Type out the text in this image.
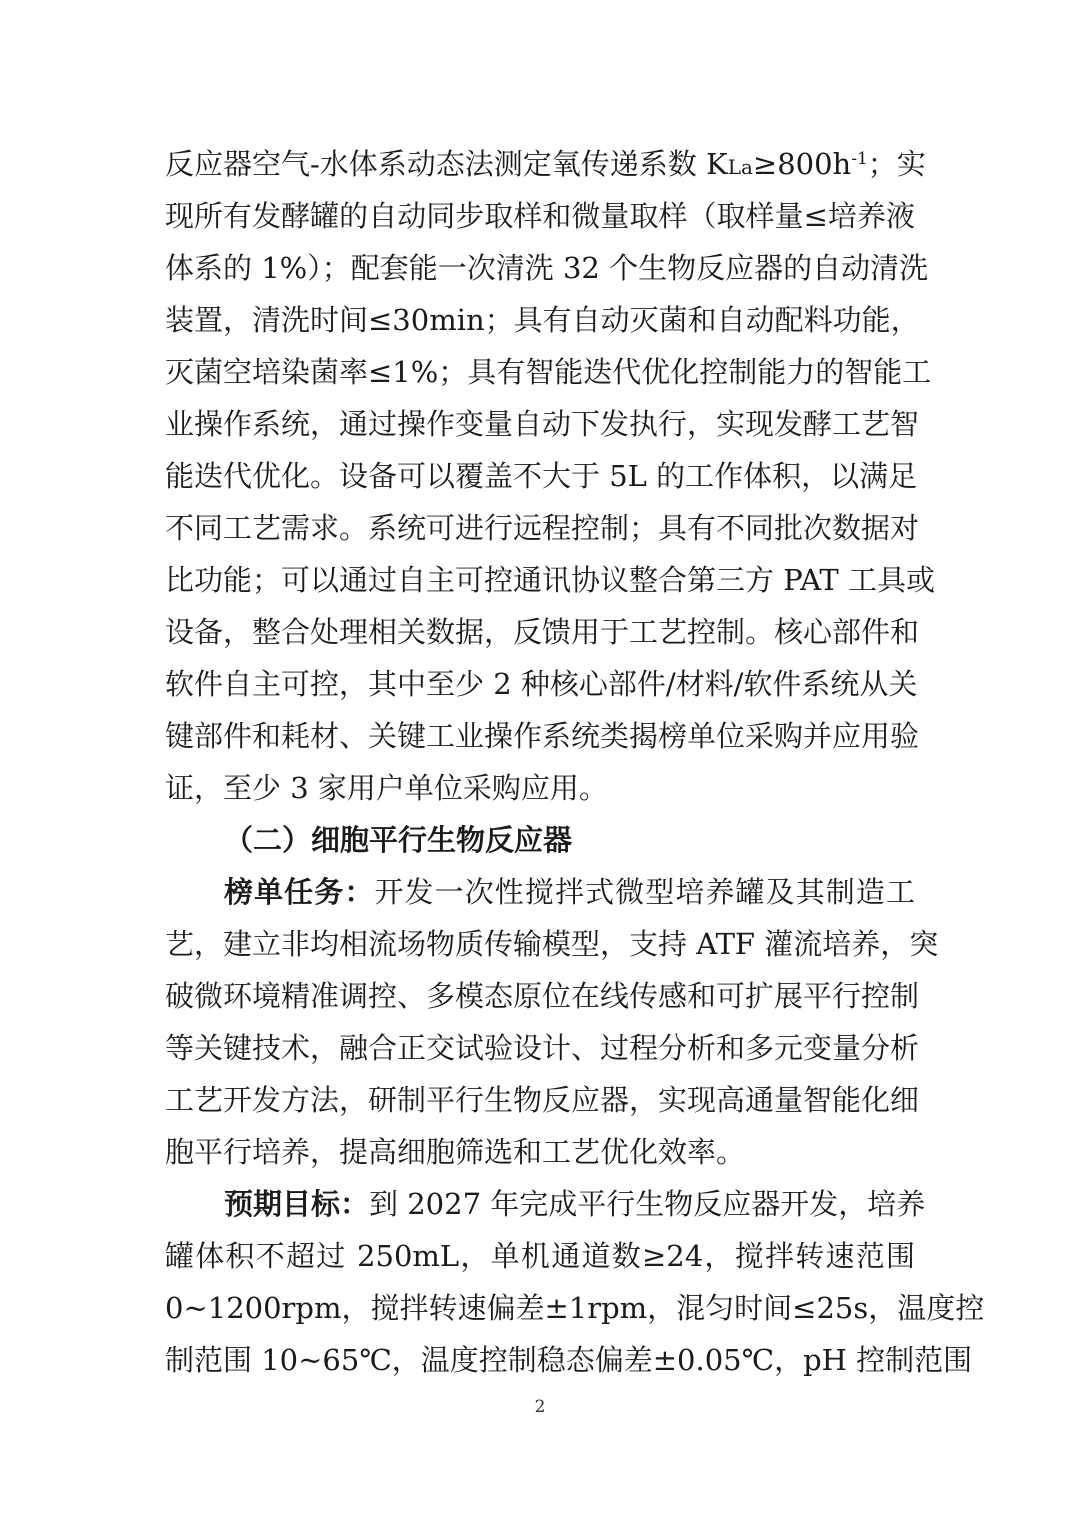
反应器空气-水体系动态法测定氧传递系数 $KLa\ge 800h^{-1}$；实
现所有发酵罐的自动同步取样和微量取样（取样量≤培养液
体系的 1%）；配套能一次清洗 32 个生物反应器的自动清洗
装置，清洗时间≤30min；具有自动灭菌和自动配料功能，
灭菌空培染菌率≤1%；具有智能迭代优化控制能力的智能工
业操作系统，通过操作变量自动下发执行，实现发酵工艺智
能迭代优化。设备可以覆盖不大于 5L 的工作体积，以满足
不同工艺需求。系统可进行远程控制；具有不同批次数据对
比功能；可以通过自主可控通讯协议整合第三方 PAT 工具或
设备，整合处理相关数据，反馈用于工艺控制。核心部件和
软件自主可控，其中至少 2 种核心部件/材料/软件系统从关
键部件和耗材、关键工业操作系统类揭榜单位采购并应用验
证，至少 3 家用户单位采购应用。
（二）细胞平行生物反应器
榜单任务：开发一次性搅拌式微型培养罐及其制造工
艺，建立非均相流场物质传输模型，支持 ATF 灌流培养，突
破微环境精准调控、多模态原位在线传感和可扩展平行控制
等关键技术，融合正交试验设计、过程分析和多元变量分析
工艺开发方法，研制平行生物反应器，实现高通量智能化细
胞平行培养，提高细胞筛选和工艺优化效率。
预期目标：到 2027 年完成平行生物反应器开发，培养
罐体积不超过 250mL，单机通道数≥24，搅拌转速范围
0~1200rpm，搅拌转速偏差±1rpm，混匀时间≤25s，温度控
制范围 10~65℃，温度控制稳态偏差±0.05℃，pH 控制范围
2
